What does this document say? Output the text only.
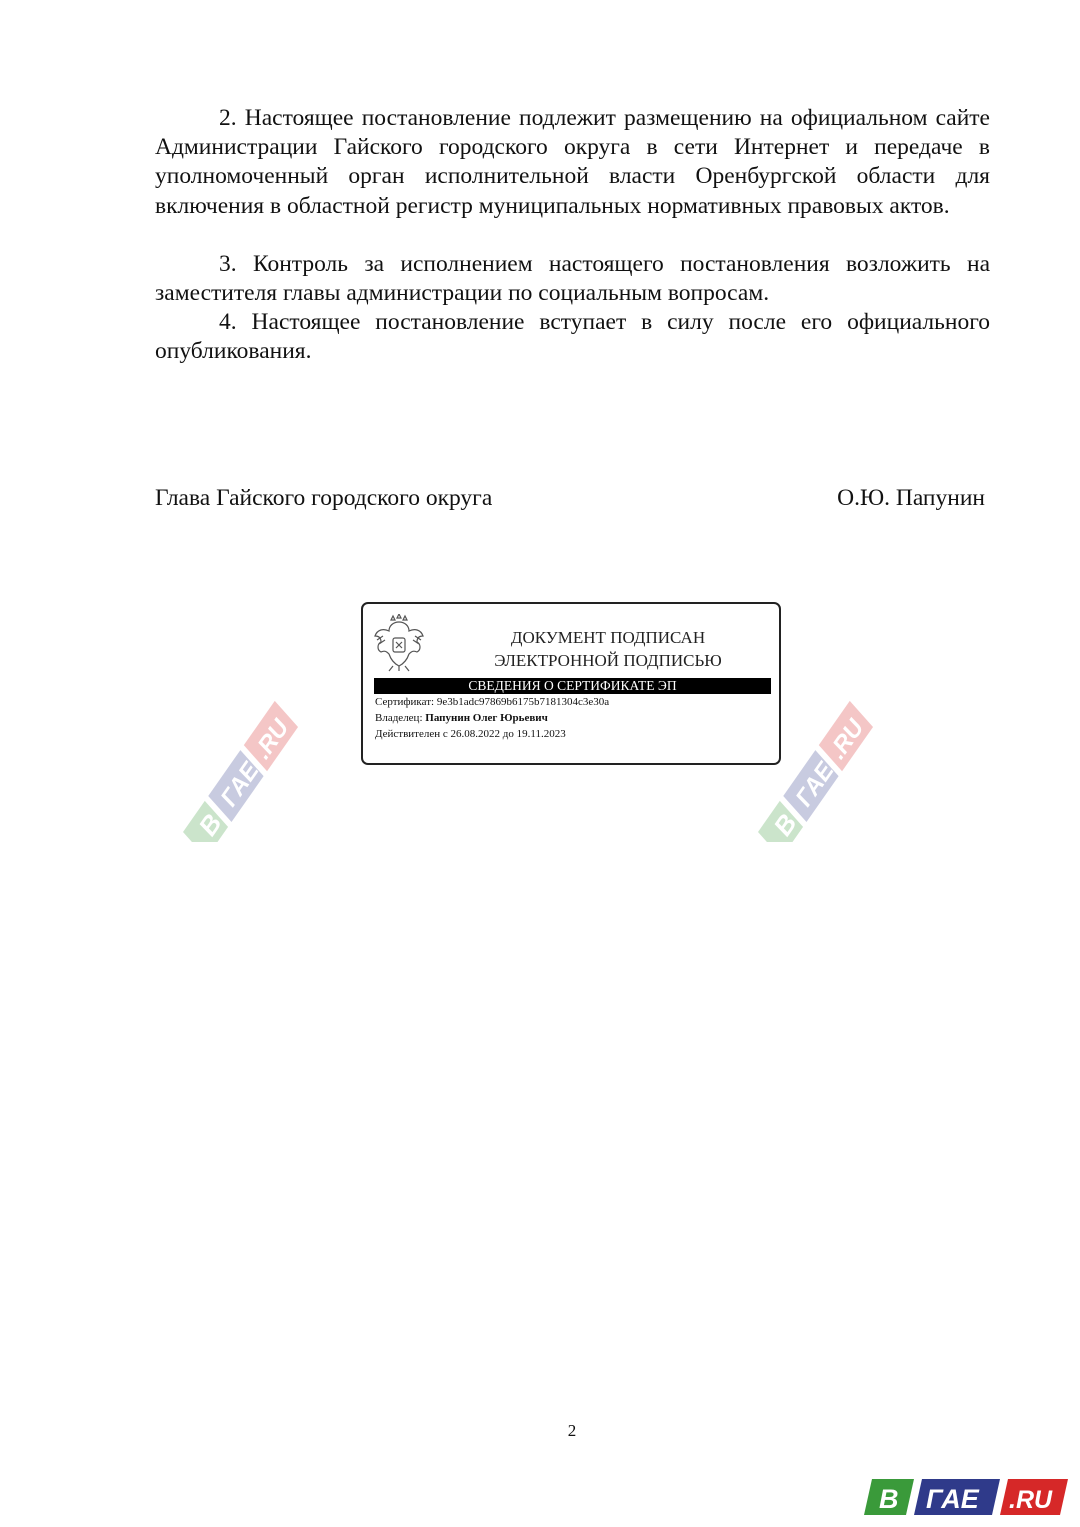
2. Настоящее постановление подлежит размещению на официальном сайте Администрации Гайского городского округа в сети Интернет и передаче в уполномоченный орган исполнительной власти Оренбургской области для включения в областной регистр муниципальных нормативных правовых актов.

3. Контроль за исполнением настоящего постановления возложить на заместителя главы администрации по социальным вопросам.

4. Настоящее постановление вступает в силу после его официального опубликования.

Глава Гайского городского округа	О.Ю. Папунин
В
ГАЕ
.RU
В
ГАЕ
.RU
ДОКУМЕНТ ПОДПИСАН
ЭЛЕКТРОННОЙ ПОДПИСЬЮ
СВЕДЕНИЯ О СЕРТИФИКАТЕ ЭП
Сертификат: 9e3b1adc97869b6175b7181304c3e30a
Владелец: Папунин Олег Юрьевич
Действителен с 26.08.2022 до 19.11.2023
2
В ГАЕ .RU
